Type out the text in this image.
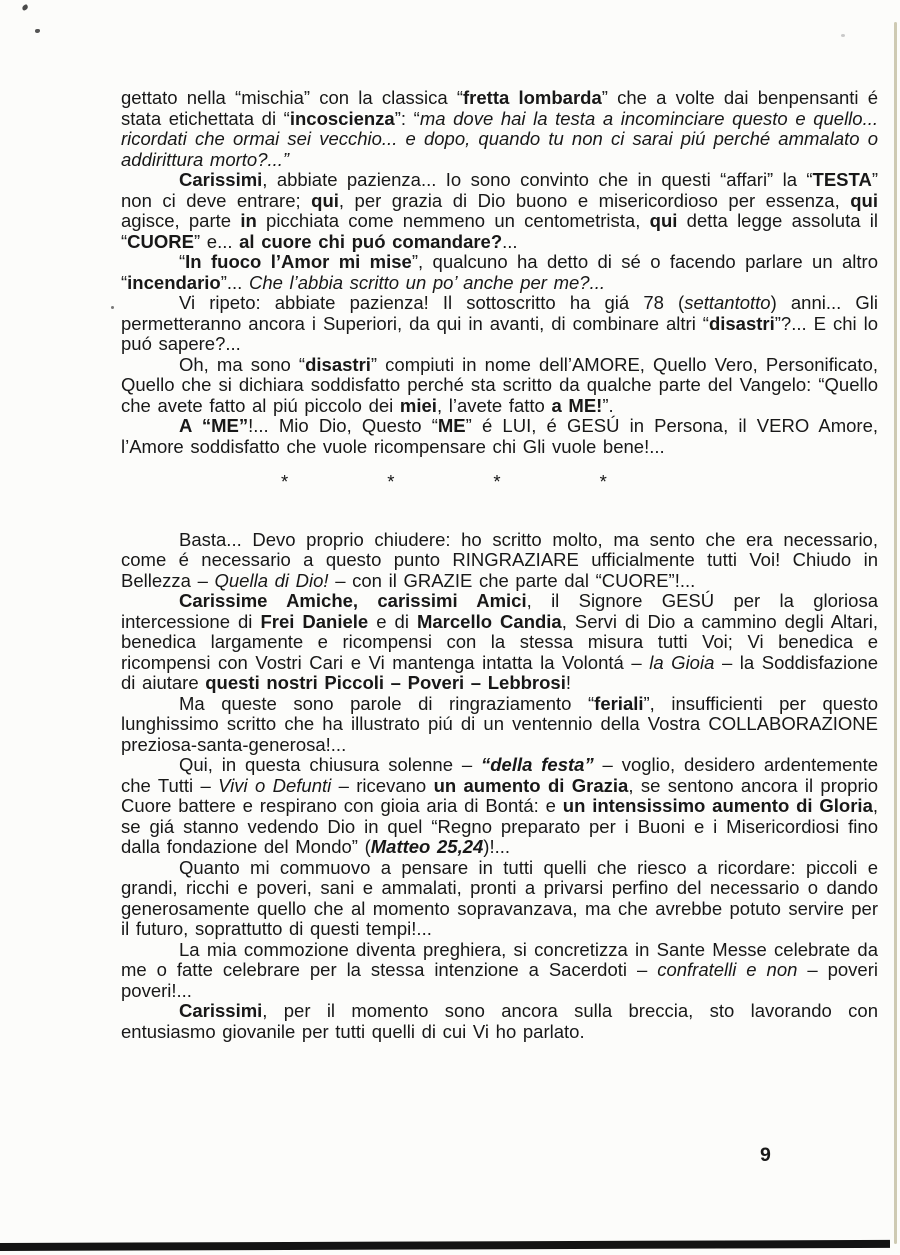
gettato nella “mischia” con la classica “fretta lombarda” che a volte dai benpensanti é stata etichettata di “incoscienza”: “ma dove hai la testa a incominciare questo e quello... ricordati che ormai sei vecchio... e dopo, quando tu non ci sarai piú perché ammalato o addirittura morto?...”

Carissimi, abbiate pazienza... Io sono convinto che in questi “affari” la “TESTA” non ci deve entrare; qui, per grazia di Dio buono e misericordioso per essenza, qui agisce, parte in picchiata come nemmeno un centometrista, qui detta legge assoluta il “CUORE” e... al cuore chi puó comandare?...

“In fuoco l’Amor mi mise”, qualcuno ha detto di sé o facendo parlare un altro “incendario”... Che l’abbia scritto un po’ anche per me?...

Vi ripeto: abbiate pazienza! Il sottoscritto ha giá 78 (settantotto) anni... Gli permetteranno ancora i Superiori, da qui in avanti, di combinare altri “disastri”?... E chi lo puó sapere?...

Oh, ma sono “disastri” compiuti in nome dell’AMORE, Quello Vero, Personificato, Quello che si dichiara soddisfatto perché sta scritto da qualche parte del Vangelo: “Quello che avete fatto al piú piccolo dei miei, l’avete fatto a ME!”.

A “ME”!... Mio Dio, Questo “ME” é LUI, é GESÚ in Persona, il VERO Amore, l’Amore soddisfatto che vuole ricompensare chi Gli vuole bene!...

*	*	*	*

Basta... Devo proprio chiudere: ho scritto molto, ma sento che era necessario, come é necessario a questo punto RINGRAZIARE ufficialmente tutti Voi! Chiudo in Bellezza – Quella di Dio! – con il GRAZIE che parte dal “CUORE”!...

Carissime Amiche, carissimi Amici, il Signore GESÚ per la gloriosa intercessione di Frei Daniele e di Marcello Candia, Servi di Dio a cammino degli Altari, benedica largamente e ricompensi con la stessa misura tutti Voi; Vi benedica e ricompensi con Vostri Cari e Vi mantenga intatta la Volontá – la Gioia – la Soddisfazione di aiutare questi nostri Piccoli – Poveri – Lebbrosi!

Ma queste sono parole di ringraziamento “feriali”, insufficienti per questo lunghissimo scritto che ha illustrato piú di un ventennio della Vostra COLLABORAZIONE preziosa-santa-generosa!...

Qui, in questa chiusura solenne – “della festa” – voglio, desidero ardentemente che Tutti – Vivi o Defunti – ricevano un aumento di Grazia, se sentono ancora il proprio Cuore battere e respirano con gioia aria di Bontá: e un intensissimo aumento di Gloria, se giá stanno vedendo Dio in quel “Regno preparato per i Buoni e i Misericordiosi fino dalla fondazione del Mondo” (Matteo 25,24)!...

Quanto mi commuovo a pensare in tutti quelli che riesco a ricordare: piccoli e grandi, ricchi e poveri, sani e ammalati, pronti a privarsi perfino del necessario o dando generosamente quello che al momento sopravanzava, ma che avrebbe potuto servire per il futuro, soprattutto di questi tempi!...

La mia commozione diventa preghiera, si concretizza in Sante Messe celebrate da me o fatte celebrare per la stessa intenzione a Sacerdoti – confratelli e non – poveri poveri!...

Carissimi, per il momento sono ancora sulla breccia, sto lavorando con entusiasmo giovanile per tutti quelli di cui Vi ho parlato.

9
